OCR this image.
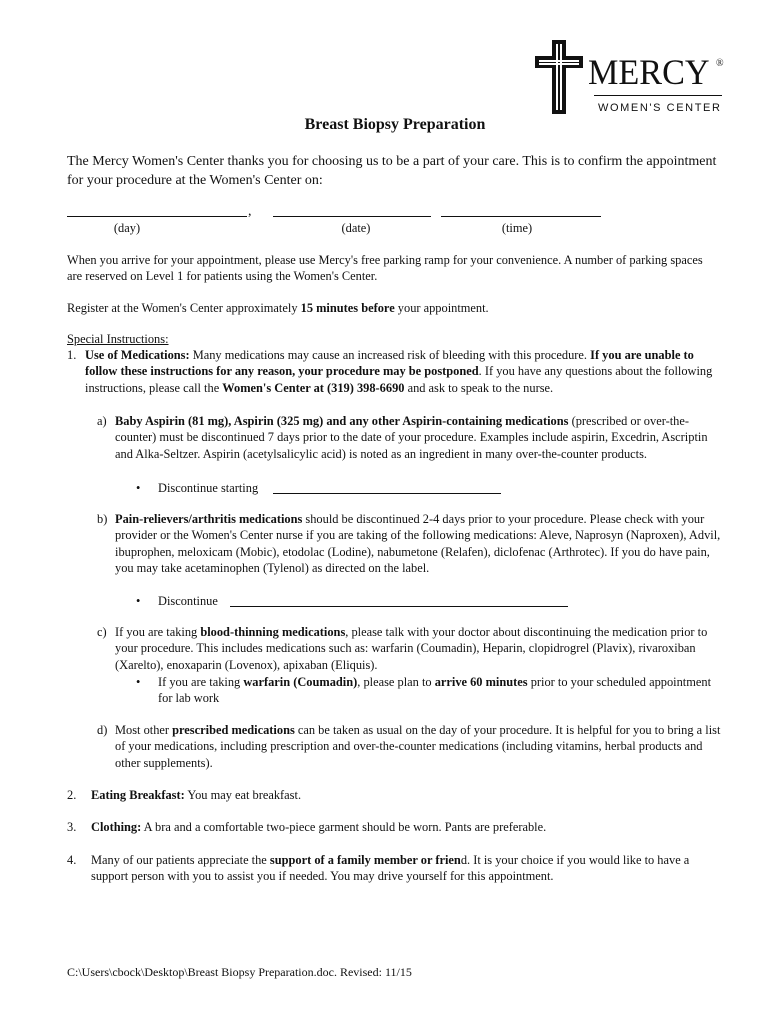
MERCY ®
WOMEN'S CENTER
Breast Biopsy Preparation
The Mercy Women's Center thanks you for choosing us to be a part of your care. This is to confirm the appointment for your procedure at the Women's Center on:
,
(day)	(date)	(time)
When you arrive for your appointment, please use Mercy's free parking ramp for your convenience. A number of parking spaces are reserved on Level 1 for patients using the Women's Center.
Register at the Women's Center approximately 15 minutes before your appointment.
Special Instructions:
1. Use of Medications: Many medications may cause an increased risk of bleeding with this procedure. If you are unable to follow these instructions for any reason, your procedure may be postponed. If you have any questions about the following instructions, please call the Women's Center at (319) 398-6690 and ask to speak to the nurse.
a) Baby Aspirin (81 mg), Aspirin (325 mg) and any other Aspirin-containing medications (prescribed or over-the-counter) must be discontinued 7 days prior to the date of your procedure. Examples include aspirin, Excedrin, Ascriptin and Alka-Seltzer. Aspirin (acetylsalicylic acid) is noted as an ingredient in many over-the-counter products.
• Discontinue starting
b) Pain-relievers/arthritis medications should be discontinued 2-4 days prior to your procedure. Please check with your provider or the Women's Center nurse if you are taking of the following medications: Aleve, Naprosyn (Naproxen), Advil, ibuprophen, meloxicam (Mobic), etodolac (Lodine), nabumetone (Relafen), diclofenac (Arthrotec). If you do have pain, you may take acetaminophen (Tylenol) as directed on the label.
• Discontinue
c) If you are taking blood-thinning medications, please talk with your doctor about discontinuing the medication prior to your procedure. This includes medications such as: warfarin (Coumadin), Heparin, clopidrogrel (Plavix), rivaroxiban (Xarelto), enoxaparin (Lovenox), apixaban (Eliquis).
• If you are taking warfarin (Coumadin), please plan to arrive 60 minutes prior to your scheduled appointment for lab work
d) Most other prescribed medications can be taken as usual on the day of your procedure. It is helpful for you to bring a list of your medications, including prescription and over-the-counter medications (including vitamins, herbal products and other supplements).
2. Eating Breakfast: You may eat breakfast.
3. Clothing: A bra and a comfortable two-piece garment should be worn. Pants are preferable.
4. Many of our patients appreciate the support of a family member or friend. It is your choice if you would like to have a support person with you to assist you if needed. You may drive yourself for this appointment.
C:\Users\cbock\Desktop\Breast Biopsy Preparation.doc. Revised: 11/15
